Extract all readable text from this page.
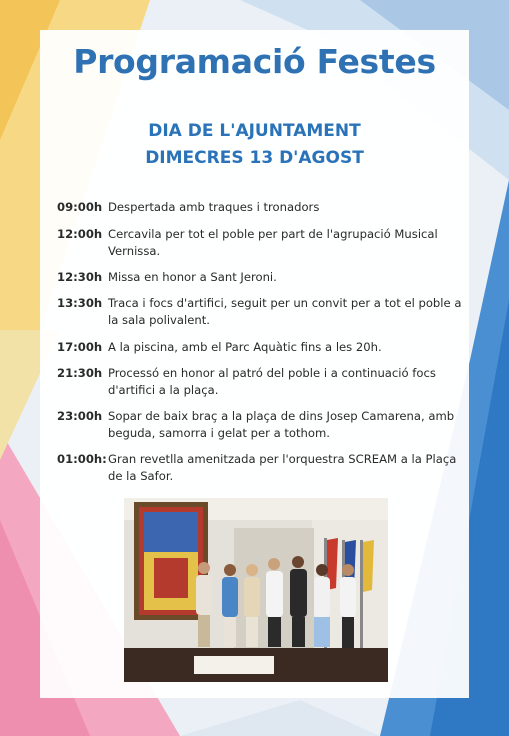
Programació Festes
DIA DE L'AJUNTAMENT
DIMECRES 13 D'AGOST
09:00h Despertada amb traques i tronadors
12:00h Cercavila per tot el poble per part de l'agrupació Musical Vernissa.
12:30h Missa en honor a Sant Jeroni.
13:30h Traca i focs d'artifici, seguit per un convit per a tot el poble a la sala polivalent.
17:00h A la piscina, amb el Parc Aquàtic fins a les 20h.
21:30h Processó en honor al patró del poble i a continuació focs d'artifici a la plaça.
23:00h Sopar de baix braç a la plaça de dins Josep Camarena, amb beguda, samorra i gelat per a tothom.
01:00h: Gran revetlla amenitzada per l'orquestra SCREAM a la Plaça de la Safor.
